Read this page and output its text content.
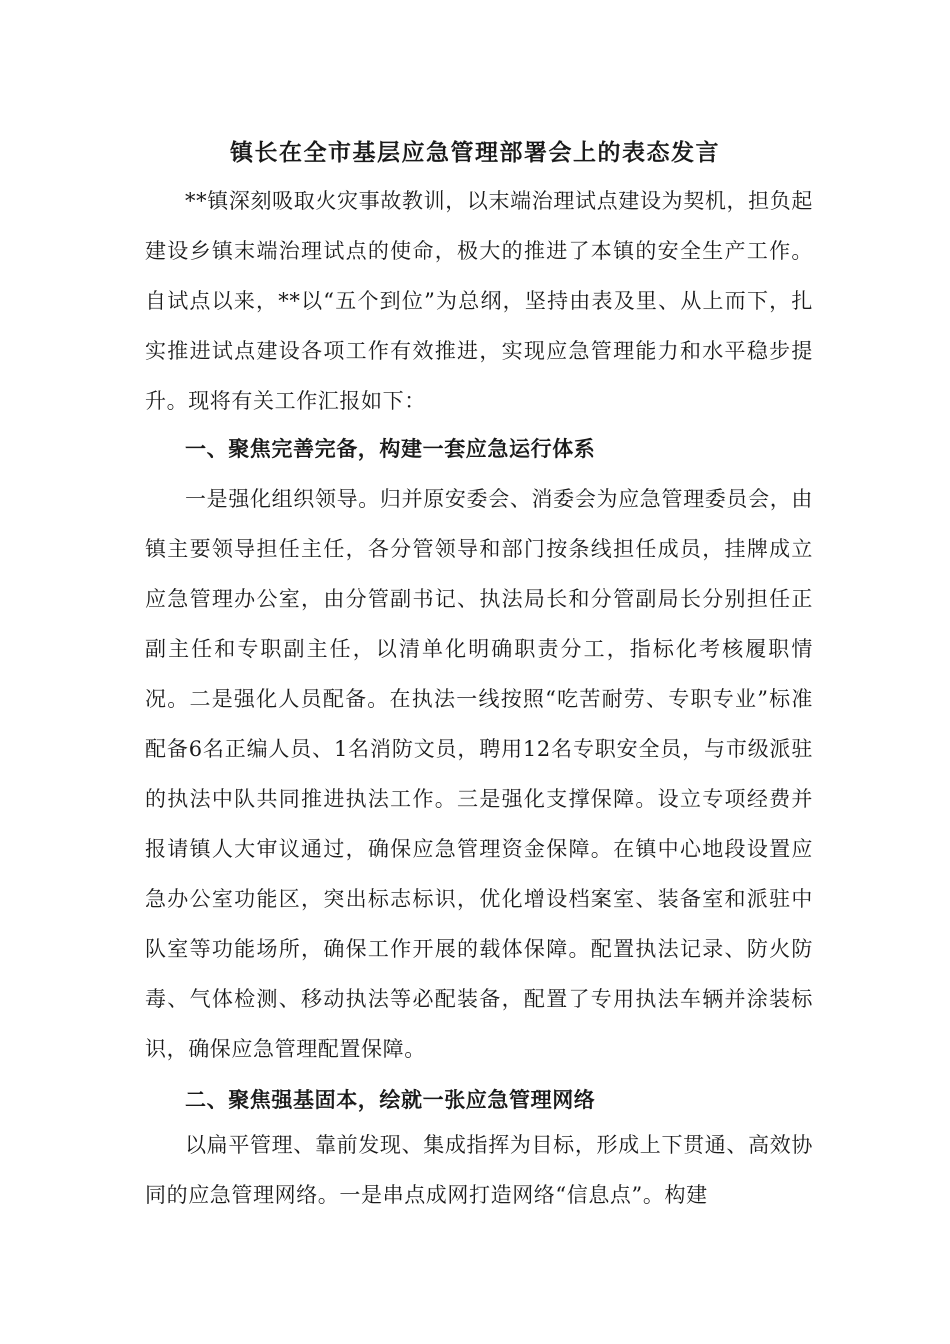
镇长在全市基层应急管理部署会上的表态发言
**镇深刻吸取火灾事故教训，以末端治理试点建设为契机，担负起建设乡镇末端治理试点的使命，极大的推进了本镇的安全生产工作。自试点以来，**以“五个到位”为总纲，坚持由表及里、从上而下，扎实推进试点建设各项工作有效推进，实现应急管理能力和水平稳步提升。现将有关工作汇报如下：
一、聚焦完善完备，构建一套应急运行体系
一是强化组织领导。归并原安委会、消委会为应急管理委员会，由镇主要领导担任主任，各分管领导和部门按条线担任成员，挂牌成立应急管理办公室，由分管副书记、执法局长和分管副局长分别担任正副主任和专职副主任，以清单化明确职责分工，指标化考核履职情况。二是强化人员配备。在执法一线按照“吃苦耐劳、专职专业”标准配备6名正编人员、1名消防文员，聘用12名专职安全员，与市级派驻的执法中队共同推进执法工作。三是强化支撑保障。设立专项经费并报请镇人大审议通过，确保应急管理资金保障。在镇中心地段设置应急办公室功能区，突出标志标识，优化增设档案室、装备室和派驻中队室等功能场所，确保工作开展的载体保障。配置执法记录、防火防毒、气体检测、移动执法等必配装备，配置了专用执法车辆并涂装标识，确保应急管理配置保障。
二、聚焦强基固本，绘就一张应急管理网络
以扁平管理、靠前发现、集成指挥为目标，形成上下贯通、高效协同的应急管理网络。一是串点成网打造网络“信息点”。构建
